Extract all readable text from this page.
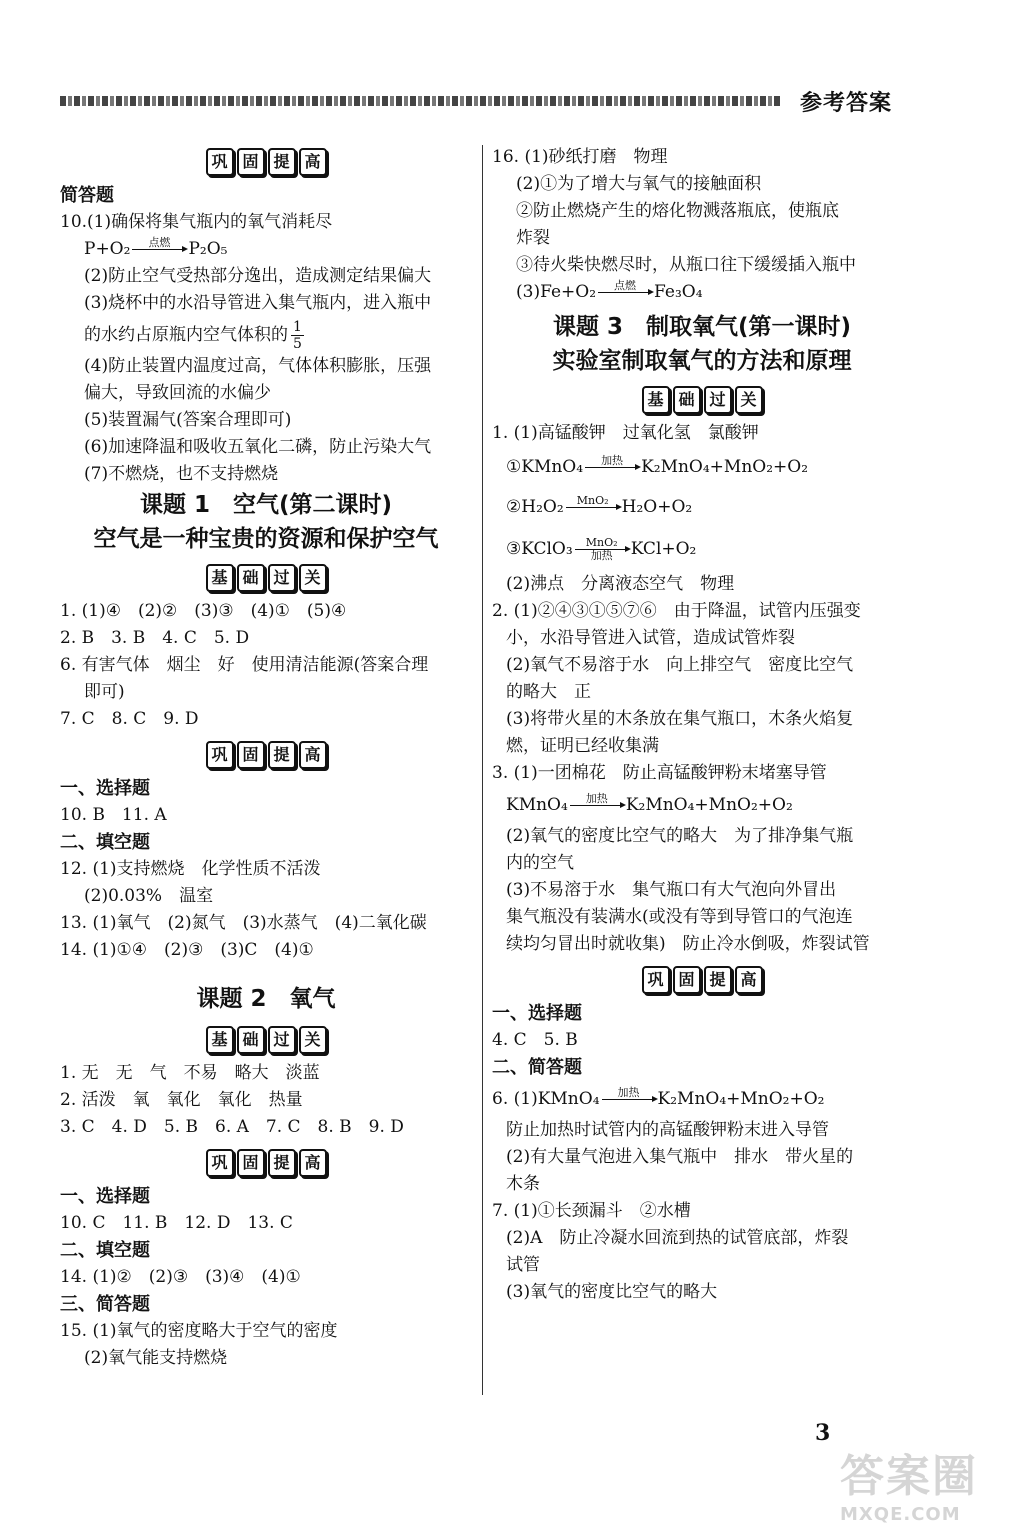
参考答案
巩 固 提 高
简答题
10.(1)确保将集气瓶内的氧气消耗尽
P+O₂ 点燃 P₂O₅
(2)防止空气受热部分逸出，造成测定结果偏大
(3)烧杯中的水沿导管进入集气瓶内，进入瓶中
的水约占原瓶内空气体积的 $\frac{1}{5}$
(4)防止装置内温度过高，气体体积膨胀，压强
偏大，导致回流的水偏少
(5)装置漏气(答案合理即可)
(6)加速降温和吸收五氧化二磷，防止污染大气
(7)不燃烧，也不支持燃烧
课题 1　空气(第二课时)
空气是一种宝贵的资源和保护空气
基 础 过 关
1. (1)④　(2)②　(3)③　(4)①　(5)④
2. B　3. B　4. C　5. D
6. 有害气体　烟尘　好　使用清洁能源(答案合理
即可)
7. C　8. C　9. D
巩 固 提 高
一、选择题
10. B　11. A
二、填空题
12. (1)支持燃烧　化学性质不活泼
(2)0.03%　温室
13. (1)氧气　(2)氮气　(3)水蒸气　(4)二氧化碳
14. (1)①④　(2)③　(3)C　(4)①
课题 2　氧气
基 础 过 关
1. 无　无　气　不易　略大　淡蓝
2. 活泼　氧　氧化　氧化　热量
3. C　4. D　5. B　6. A　7. C　8. B　9. D
巩 固 提 高
一、选择题
10. C　11. B　12. D　13. C
二、填空题
14. (1)②　(2)③　(3)④　(4)①
三、简答题
15. (1)氧气的密度略大于空气的密度
(2)氧气能支持燃烧
16. (1)砂纸打磨　物理
(2)①为了增大与氧气的接触面积
②防止燃烧产生的熔化物溅落瓶底，使瓶底
炸裂
③待火柴快燃尽时，从瓶口往下缓缓插入瓶中
(3)Fe+O₂ 点燃 Fe₃O₄
课题 3　制取氧气(第一课时)
实验室制取氧气的方法和原理
基 础 过 关
1. (1)高锰酸钾　过氧化氢　氯酸钾
①KMnO₄ 加热 K₂MnO₄+MnO₂+O₂
②H₂O₂ MnO₂ H₂O+O₂
③KClO₃ MnO₂
加热 KCl+O₂
(2)沸点　分离液态空气　物理
2. (1)②④③①⑤⑦⑥　由于降温，试管内压强变
小，水沿导管进入试管，造成试管炸裂
(2)氧气不易溶于水　向上排空气　密度比空气
的略大　正
(3)将带火星的木条放在集气瓶口，木条火焰复
燃，证明已经收集满
3. (1)一团棉花　防止高锰酸钾粉末堵塞导管
KMnO₄ 加热 K₂MnO₄+MnO₂+O₂
(2)氧气的密度比空气的略大　为了排净集气瓶
内的空气
(3)不易溶于水　集气瓶口有大气泡向外冒出
集气瓶没有装满水(或没有等到导管口的气泡连
续均匀冒出时就收集)　防止冷水倒吸，炸裂试管
巩 固 提 高
一、选择题
4. C　5. B
二、简答题
6. (1)KMnO₄ 加热 K₂MnO₄+MnO₂+O₂
防止加热时试管内的高锰酸钾粉末进入导管
(2)有大量气泡进入集气瓶中　排水　带火星的
木条
7. (1)①长颈漏斗　②水槽
(2)A　防止冷凝水回流到热的试管底部，炸裂
试管
(3)氧气的密度比空气的略大
3
答案圈
MXQE.COM
